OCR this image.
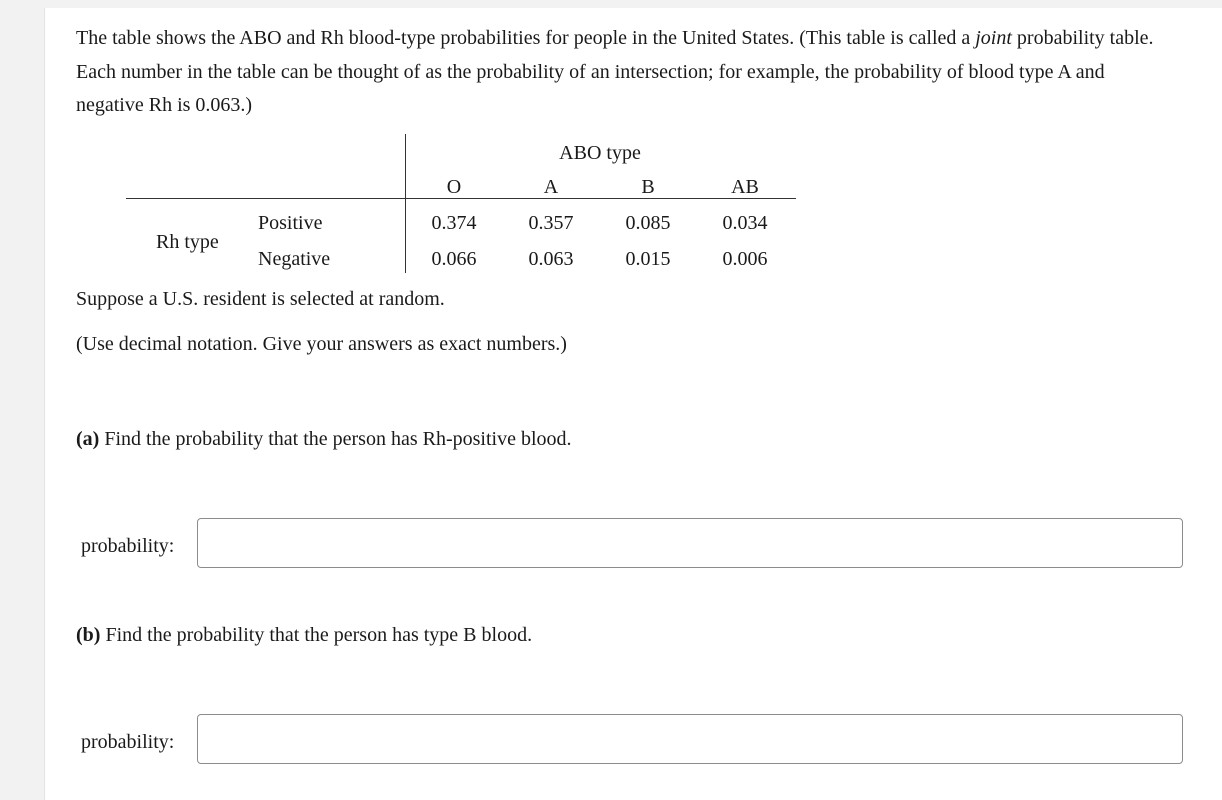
The table shows the ABO and Rh blood-type probabilities for people in the United States. (This table is called a joint probability table. Each number in the table can be thought of as the probability of an intersection; for example, the probability of blood type A and negative Rh is 0.063.)
ABO type
O	A	B	AB
Rh type
Positive	0.374	0.357	0.085	0.034
Negative	0.066	0.063	0.015	0.006
Suppose a U.S. resident is selected at random.
(Use decimal notation. Give your answers as exact numbers.)
(a) Find the probability that the person has Rh-positive blood.
probability:
(b) Find the probability that the person has type B blood.
probability:
